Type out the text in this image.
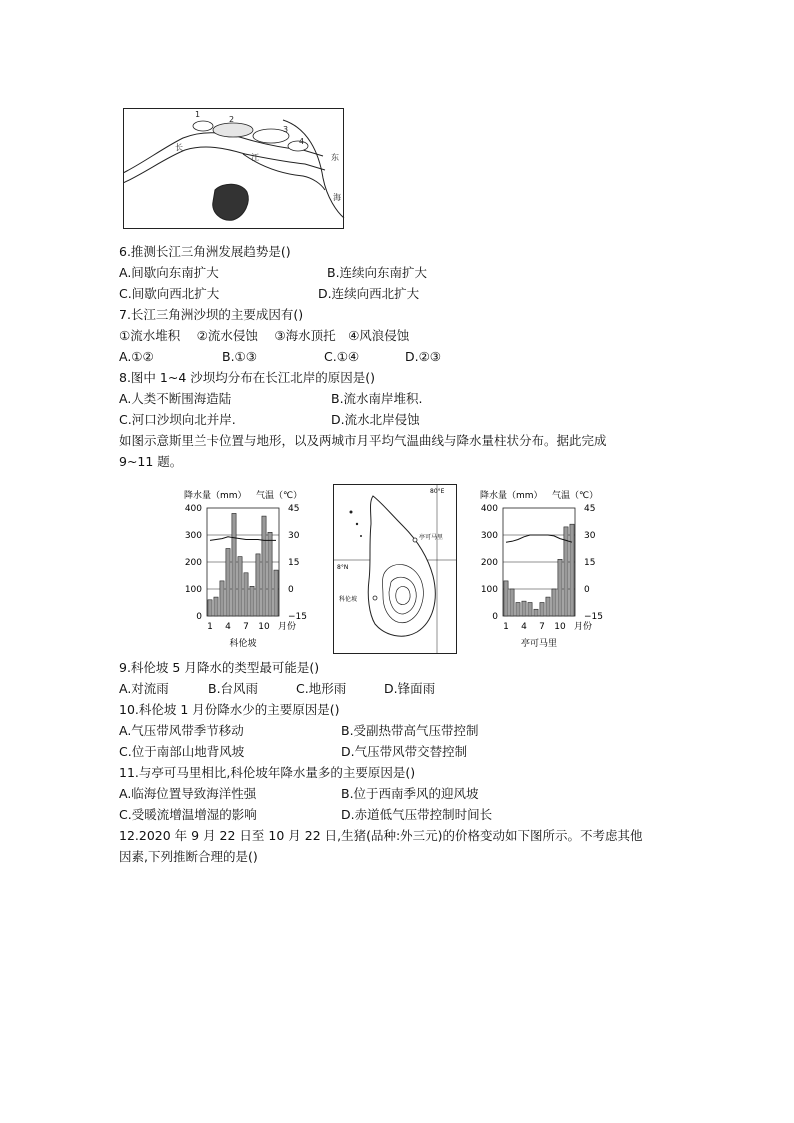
1
2
3
4
长
江	东
海
6.推测长江三角洲发展趋势是()
A.间歇向东南扩大	B.连续向东南扩大
C.间歇向西北扩大	D.连续向西北扩大
7.长江三角洲沙坝的主要成因有()
①流水堆积　 ②流水侵蚀　 ③海水顶托　④风浪侵蚀
A.①②	B.①③	C.①④	D.②③
8.图中 1~4 沙坝均分布在长江北岸的原因是()
A.人类不断围海造陆	B.流水南岸堆积.
C.河口沙坝向北并岸.	D.流水北岸侵蚀
如图示意斯里兰卡位置与地形，以及两城市月平均气温曲线与降水量柱状分布。据此完成
9~11 题。
降水量（mm） 气温（℃）
400
300
200
100
0
45
30
15
0
−15
1 4 7 10 月份
科伦坡
80°E
8°N
亭可马里
科伦坡
降水量（mm） 气温（℃）
400
300
200
100
0
45
30
15
0
−15
1 4 7 10 月份
亭可马里
9.科伦坡 5 月降水的类型最可能是()
A.对流雨	B.台风雨	C.地形雨	D.锋面雨
10.科伦坡 1 月份降水少的主要原因是()
A.气压带风带季节移动	B.受副热带高气压带控制
C.位于南部山地背风坡	D.气压带风带交替控制
11.与亭可马里相比,科伦坡年降水量多的主要原因是()
A.临海位置导致海洋性强	B.位于西南季风的迎风坡
C.受暖流增温增湿的影响	D.赤道低气压带控制时间长
12.2020 年 9 月 22 日至 10 月 22 日,生猪(品种:外三元)的价格变动如下图所示。不考虑其他
因素,下列推断合理的是()
